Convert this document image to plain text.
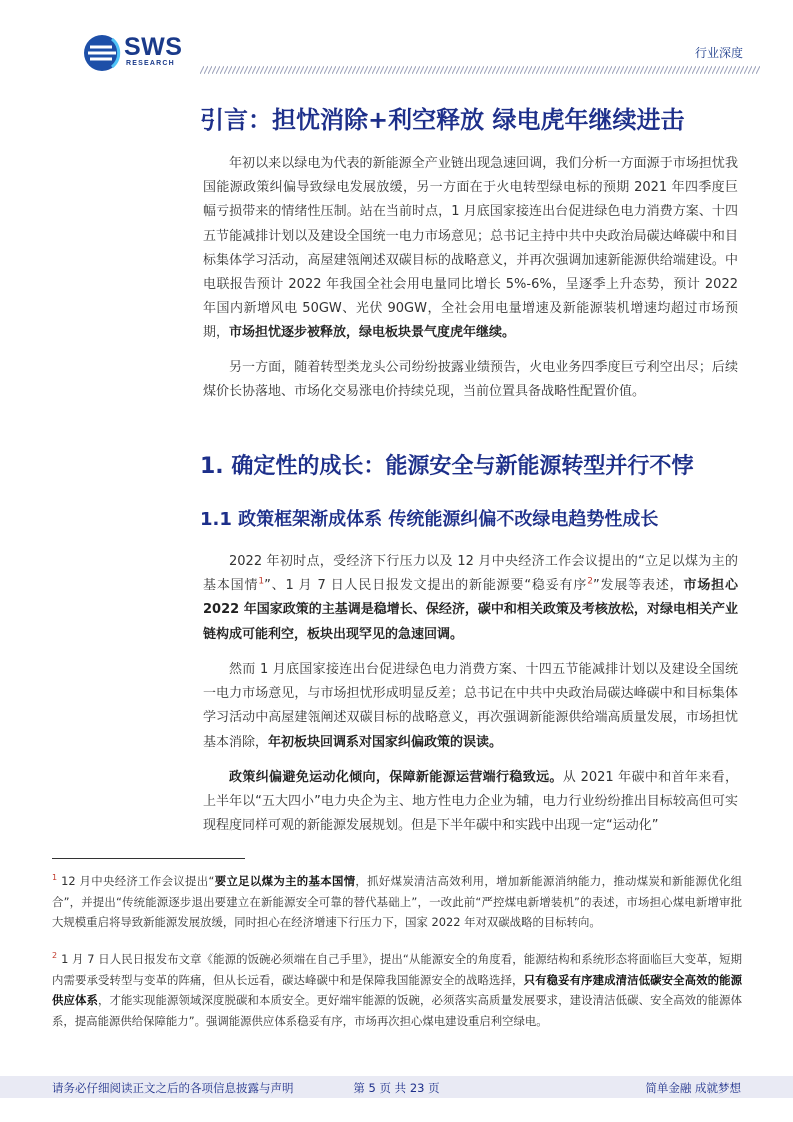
SWS
RESEARCH
行业深度
引言：担忧消除+利空释放 绿电虎年继续进击

年初以来以绿电为代表的新能源全产业链出现急速回调，我们分析一方面源于市场担忧我国能源政策纠偏导致绿电发展放缓，另一方面在于火电转型绿电标的预期 2021 年四季度巨幅亏损带来的情绪性压制。站在当前时点，1 月底国家接连出台促进绿色电力消费方案、十四五节能减排计划以及建设全国统一电力市场意见；总书记主持中共中央政治局碳达峰碳中和目标集体学习活动，高屋建瓴阐述双碳目标的战略意义，并再次强调加速新能源供给端建设。中电联报告预计 2022 年我国全社会用电量同比增长 5%-6%，呈逐季上升态势，预计 2022 年国内新增风电 50GW、光伏 90GW，全社会用电量增速及新能源装机增速均超过市场预期，市场担忧逐步被释放，绿电板块景气度虎年继续。

另一方面，随着转型类龙头公司纷纷披露业绩预告，火电业务四季度巨亏利空出尽；后续煤价长协落地、市场化交易涨电价持续兑现，当前位置具备战略性配置价值。

1. 确定性的成长：能源安全与新能源转型并行不悖
1.1 政策框架渐成体系 传统能源纠偏不改绿电趋势性成长

2022 年初时点，受经济下行压力以及 12 月中央经济工作会议提出的“立足以煤为主的基本国情$^1$”、1 月 7 日人民日报发文提出的新能源要“稳妥有序$^2$”发展等表述，市场担心 2022 年国家政策的主基调是稳增长、保经济，碳中和相关政策及考核放松，对绿电相关产业链构成可能利空，板块出现罕见的急速回调。

然而 1 月底国家接连出台促进绿色电力消费方案、十四五节能减排计划以及建设全国统一电力市场意见，与市场担忧形成明显反差；总书记在中共中央政治局碳达峰碳中和目标集体学习活动中高屋建瓴阐述双碳目标的战略意义，再次强调新能源供给端高质量发展，市场担忧基本消除，年初板块回调系对国家纠偏政策的误读。

政策纠偏避免运动化倾向，保障新能源运营端行稳致远。从 2021 年碳中和首年来看，上半年以“五大四小”电力央企为主、地方性电力企业为辅，电力行业纷纷推出目标较高但可实现程度同样可观的新能源发展规划。但是下半年碳中和实践中出现一定“运动化”

$^1$ 12 月中央经济工作会议提出“要立足以煤为主的基本国情，抓好煤炭清洁高效利用，增加新能源消纳能力，推动煤炭和新能源优化组合”，并提出“传统能源逐步退出要建立在新能源安全可靠的替代基础上”，一改此前“严控煤电新增装机”的表述，市场担心煤电新增审批大规模重启将导致新能源发展放缓，同时担心在经济增速下行压力下，国家 2022 年对双碳战略的目标转向。

$^2$ 1 月 7 日人民日报发布文章《能源的饭碗必须端在自己手里》，提出“从能源安全的角度看，能源结构和系统形态将面临巨大变革，短期内需要承受转型与变革的阵痛，但从长远看，碳达峰碳中和是保障我国能源安全的战略选择，只有稳妥有序建成清洁低碳安全高效的能源供应体系，才能实现能源领域深度脱碳和本质安全。更好端牢能源的饭碗，必须落实高质量发展要求，建设清洁低碳、安全高效的能源体系，提高能源供给保障能力”。强调能源供应体系稳妥有序，市场再次担心煤电建设重启利空绿电。

请务必仔细阅读正文之后的各项信息披露与声明	第 5 页 共 23 页	简单金融 成就梦想
